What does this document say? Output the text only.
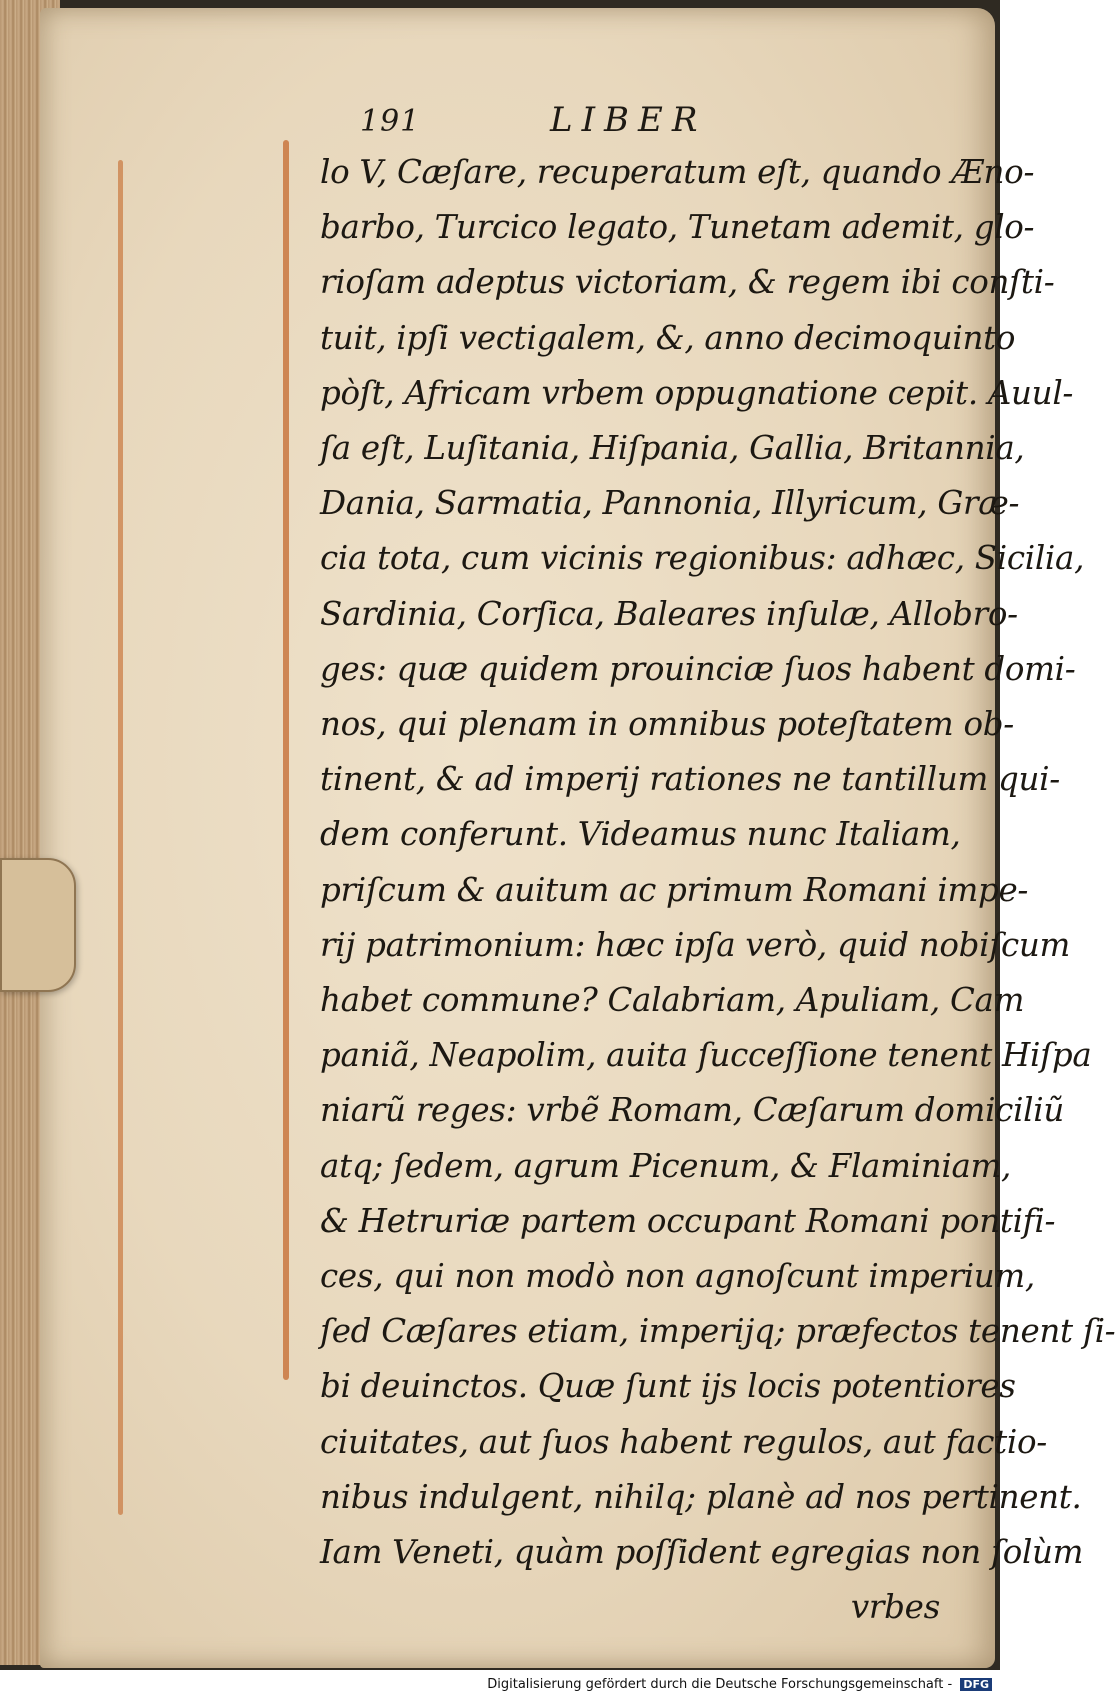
191	LIBER
lo V, Cæſare, recuperatum eſt, quando Æno-
barbo, Turcico legato, Tunetam ademit, glo-
rioſam adeptus victoriam, & regem ibi conſti-
tuit, ipſi vectigalem, &, anno decimoquinto
pòſt, Africam vrbem oppugnatione cepit. Auul-
ſa eſt, Luſitania, Hiſpania, Gallia, Britannia,
Dania, Sarmatia, Pannonia, Illyricum, Græ-
cia tota, cum vicinis regionibus: adhæc, Sicilia,
Sardinia, Corſica, Baleares inſulæ, Allobro-
ges: quæ quidem prouinciæ ſuos habent domi-
nos, qui plenam in omnibus poteſtatem ob-
tinent, & ad imperij rationes ne tantillum qui-
dem conferunt. Videamus nunc Italiam,
priſcum & auitum ac primum Romani impe-
rij patrimonium: hæc ipſa verò, quid nobiſcum
habet commune? Calabriam, Apuliam, Cam
paniã, Neapolim, auita ſucceſſione tenent Hiſpa
niarũ reges: vrbẽ Romam, Cæſarum domiciliũ
atq; ſedem, agrum Picenum, & Flaminiam,
& Hetruriæ partem occupant Romani pontifi-
ces, qui non modò non agnoſcunt imperium,
ſed Cæſares etiam, imperijq; præfectos tenent ſi-
bi deuinctos. Quæ ſunt ijs locis potentiores
ciuitates, aut ſuos habent regulos, aut factio-
nibus indulgent, nihilq; planè ad nos pertinent.
Iam Veneti, quàm poſſident egregias non ſolùm
vrbes
Digitalisierung gefördert durch die Deutsche Forschungsgemeinschaft - DFG
